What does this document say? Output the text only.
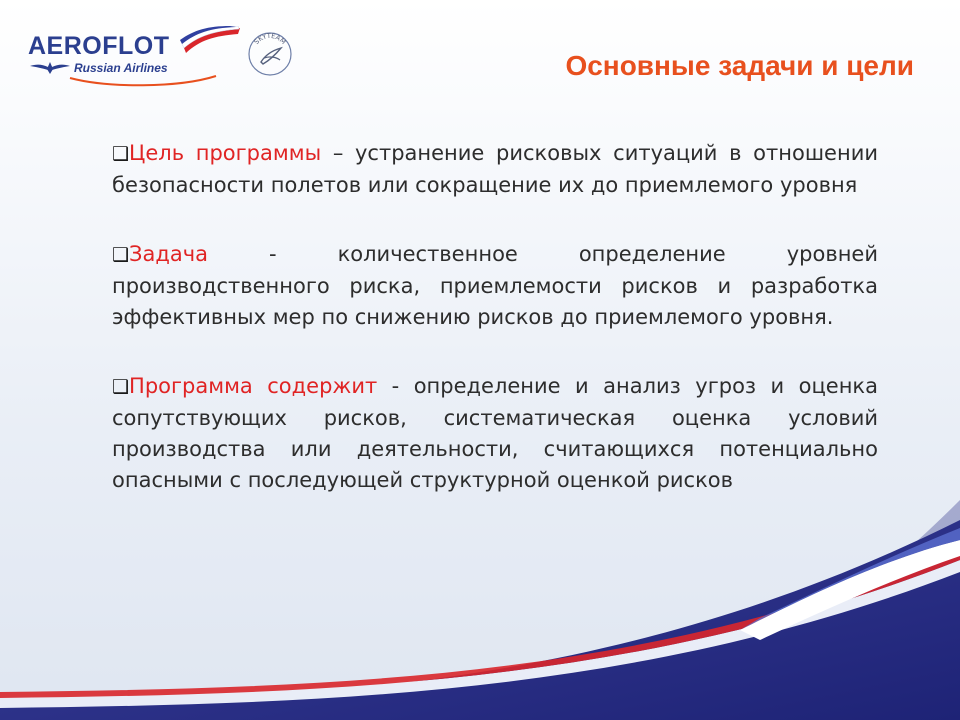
AEROFLOT
Russian Airlines
SKYTEAM
Основные задачи и цели

❑Цель программы – устранение рисковых ситуаций в отношении безопасности полетов или сокращение их до приемлемого уровня

❑Задача - количественное определение уровней производственного риска, приемлемости рисков и разработка эффективных мер по снижению рисков до приемлемого уровня.

❑Программа содержит - определение и анализ угроз и оценка сопутствующих рисков, систематическая оценка условий производства или деятельности, считающихся потенциально опасными с последующей структурной оценкой рисков
